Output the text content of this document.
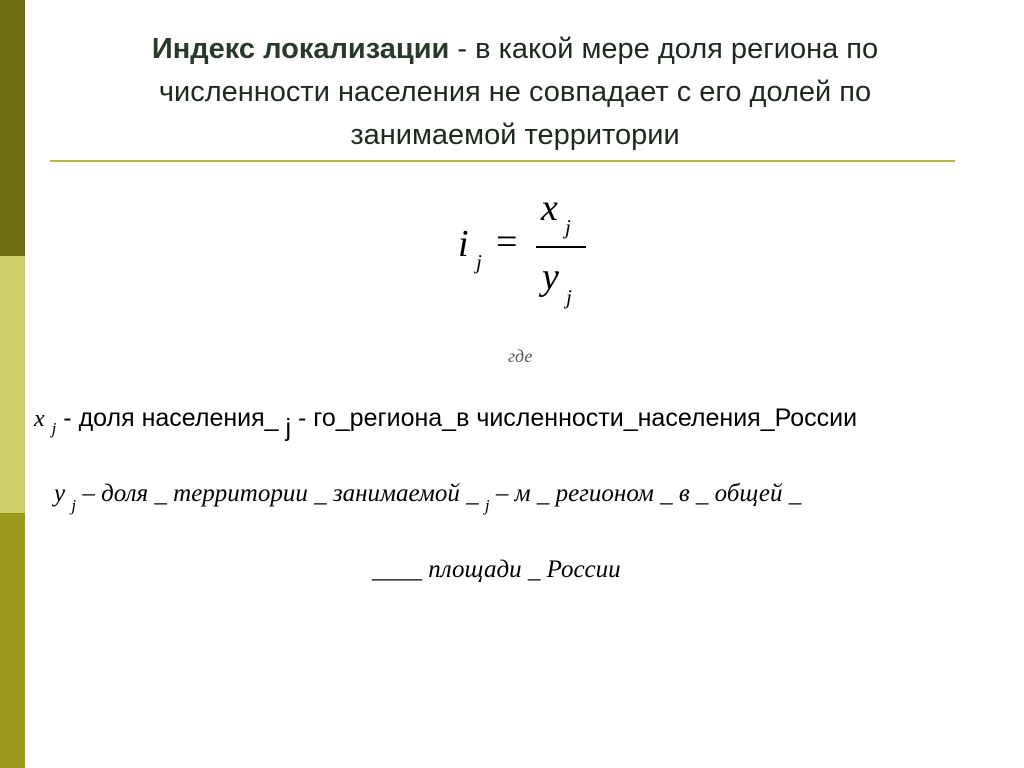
Индекс локализации - в какой мере доля региона по
численности населения не совпадает с его долей по
занимаемой территории
i j =
x j
y j
где
x $_j$ - доля населения_ j - го_региона_в численности_населения_России
y $_j$ – доля _ территории _ занимаемой _ $_j$ – м _ регионом _ в _ общей _
____ площади _ России
